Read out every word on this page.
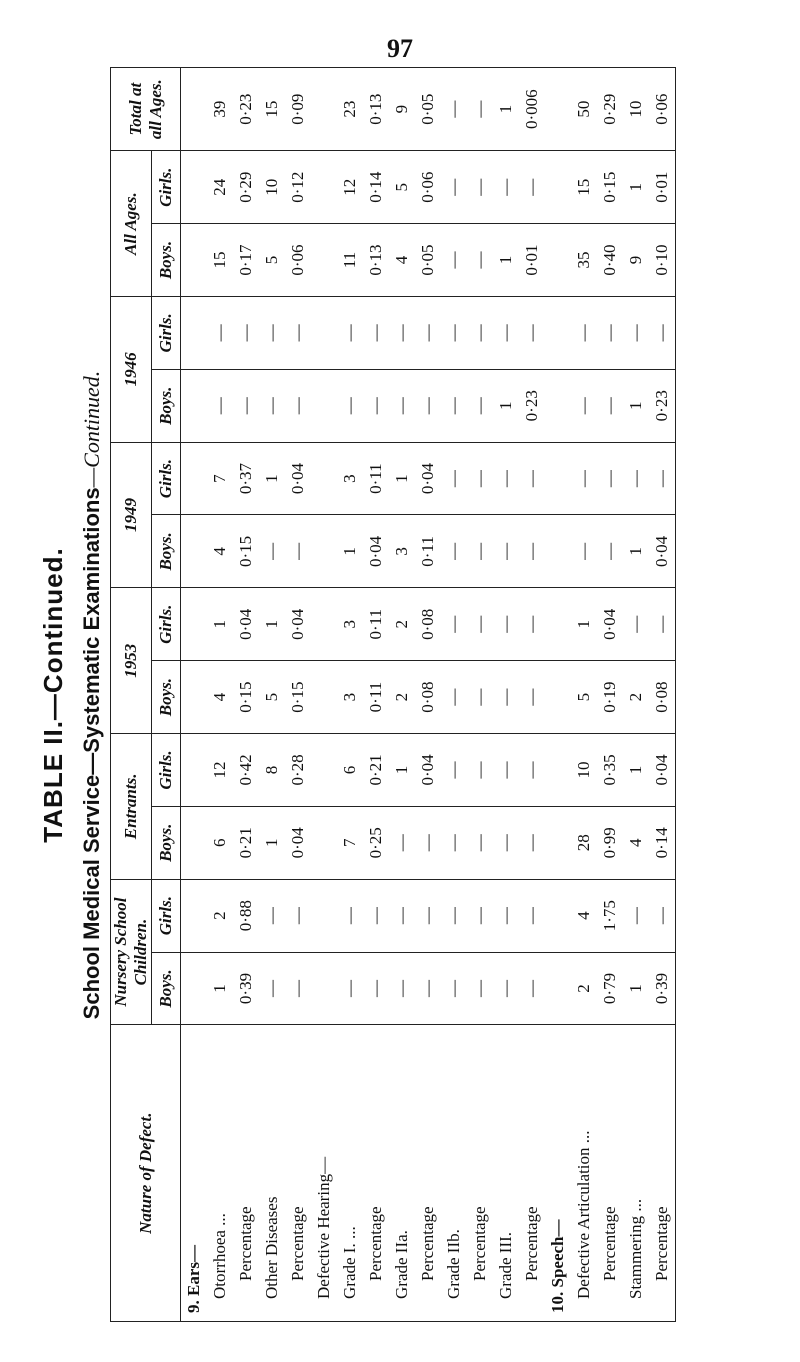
97
TABLE II.—Continued. School Medical Service—Systematic Examinations—Continued.
Nature of Defect.	Nursery School Children.		Entrants.		1953		1949		1946		All Ages.		Total at all Ages.
	Boys.	Girls.	Boys.	Girls.	Boys.	Girls.	Boys.	Girls.	Boys.	Girls.	Boys.	Girls.	
9. Ears—													
Otorrhoea ...	1	2	6	12	4	1	4	7	—	—	15	24	39
Percentage	0·39	0·88	0·21	0·42	0·15	0·04	0·15	0·37	—	—	0·17	0·29	0·23
Other Diseases	—	—	1	8	5	1	—	1	—	—	5	10	15
Percentage	—	—	0·04	0·28	0·15	0·04	—	0·04	—	—	0·06	0·12	0·09
Defective Hearing—													
Grade I. ...	—	—	7	6	3	3	1	3	—	—	11	12	23
Percentage	—	—	0·25	0·21	0·11	0·11	0·04	0·11	—	—	0·13	0·14	0·13
Grade IIa.	—	—	—	1	2	2	3	1	—	—	4	5	9
Percentage	—	—	—	0·04	0·08	0·08	0·11	0·04	—	—	0·05	0·06	0·05
Grade IIb.	—	—	—	—	—	—	—	—	—	—	—	—	—
Percentage	—	—	—	—	—	—	—	—	—	—	—	—	—
Grade III.	—	—	—	—	—	—	—	—	1	—	1	—	1
Percentage	—	—	—	—	—	—	—	—	0·23	—	0·01	—	0·006
10. Speech—													
Defective Articulation ...	2	4	28	10	5	1	—	—	—	—	35	15	50
Percentage	0·79	1·75	0·99	0·35	0·19	0·04	—	—	—	—	0·40	0·15	0·29
Stammering ...	1	—	4	1	2	—	1	—	1	—	9	1	10
Percentage	0·39	—	0·14	0·04	0·08	—	0·04	—	0·23	—	0·10	0·01	0·06
